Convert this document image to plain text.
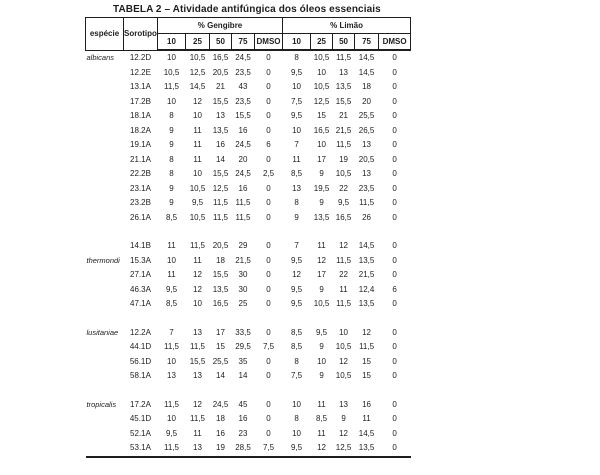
TABELA 2 – Atividade antifúngica dos óleos essenciais
espécie	Sorotipo	% Gengibre					% Limão				
		10	25	50	75	DMSO	10	25	50	75	DMSO
albicans	12.2D	10	10,5	16,5	24,5	0	8	10,5	11,5	14,5	0
	12.2E	10,5	12,5	20,5	23,5	0	9,5	10	13	14,5	0
	13.1A	11,5	14,5	21	43	0	10	10,5	13,5	18	0
	17.2B	10	12	15,5	23,5	0	7,5	12,5	15,5	20	0
	18.1A	8	10	13	15,5	0	9,5	15	21	25,5	0
	18.2A	9	11	13,5	16	0	10	16,5	21,5	26,5	0
	19.1A	9	11	16	24,5	6	7	10	11,5	13	0
	21.1A	8	11	14	20	0	11	17	19	20,5	0
	22.2B	8	10	15,5	24,5	2,5	8,5	9	10,5	13	0
	23.1A	9	10,5	12,5	16	0	13	19,5	22	23,5	0
	23.2B	9	9,5	11,5	11,5	0	8	9	9,5	11,5	0
	26.1A	8,5	10,5	11,5	11,5	0	9	13,5	16,5	26	0

	14.1B	11	11,5	20,5	29	0	7	11	12	14,5	0
thermondi	15.3A	10	11	18	21,5	0	9,5	12	11,5	13,5	0
	27.1A	11	12	15,5	30	0	12	17	22	21,5	0
	46.3A	9,5	12	13,5	30	0	9,5	9	11	12,4	6
	47.1A	8,5	10	16,5	25	0	9,5	10,5	11,5	13,5	0

lusitaniae	12.2A	7	13	17	33,5	0	8,5	9,5	10	12	0
	44.1D	11,5	11,5	15	29,5	7,5	8,5	9	10,5	11,5	0
	56.1D	10	15,5	25,5	35	0	8	10	12	15	0
	58.1A	13	13	14	14	0	7,5	9	10,5	15	0

tropicalis	17.2A	11,5	12	24,5	45	0	10	11	13	16	0
	45.1D	10	11,5	18	16	0	8	8,5	9	11	0
	52.1A	9,5	11	16	23	0	10	11	12	14,5	0
	53.1A	11,5	13	19	28,5	7,5	9,5	12	12,5	13,5	0
